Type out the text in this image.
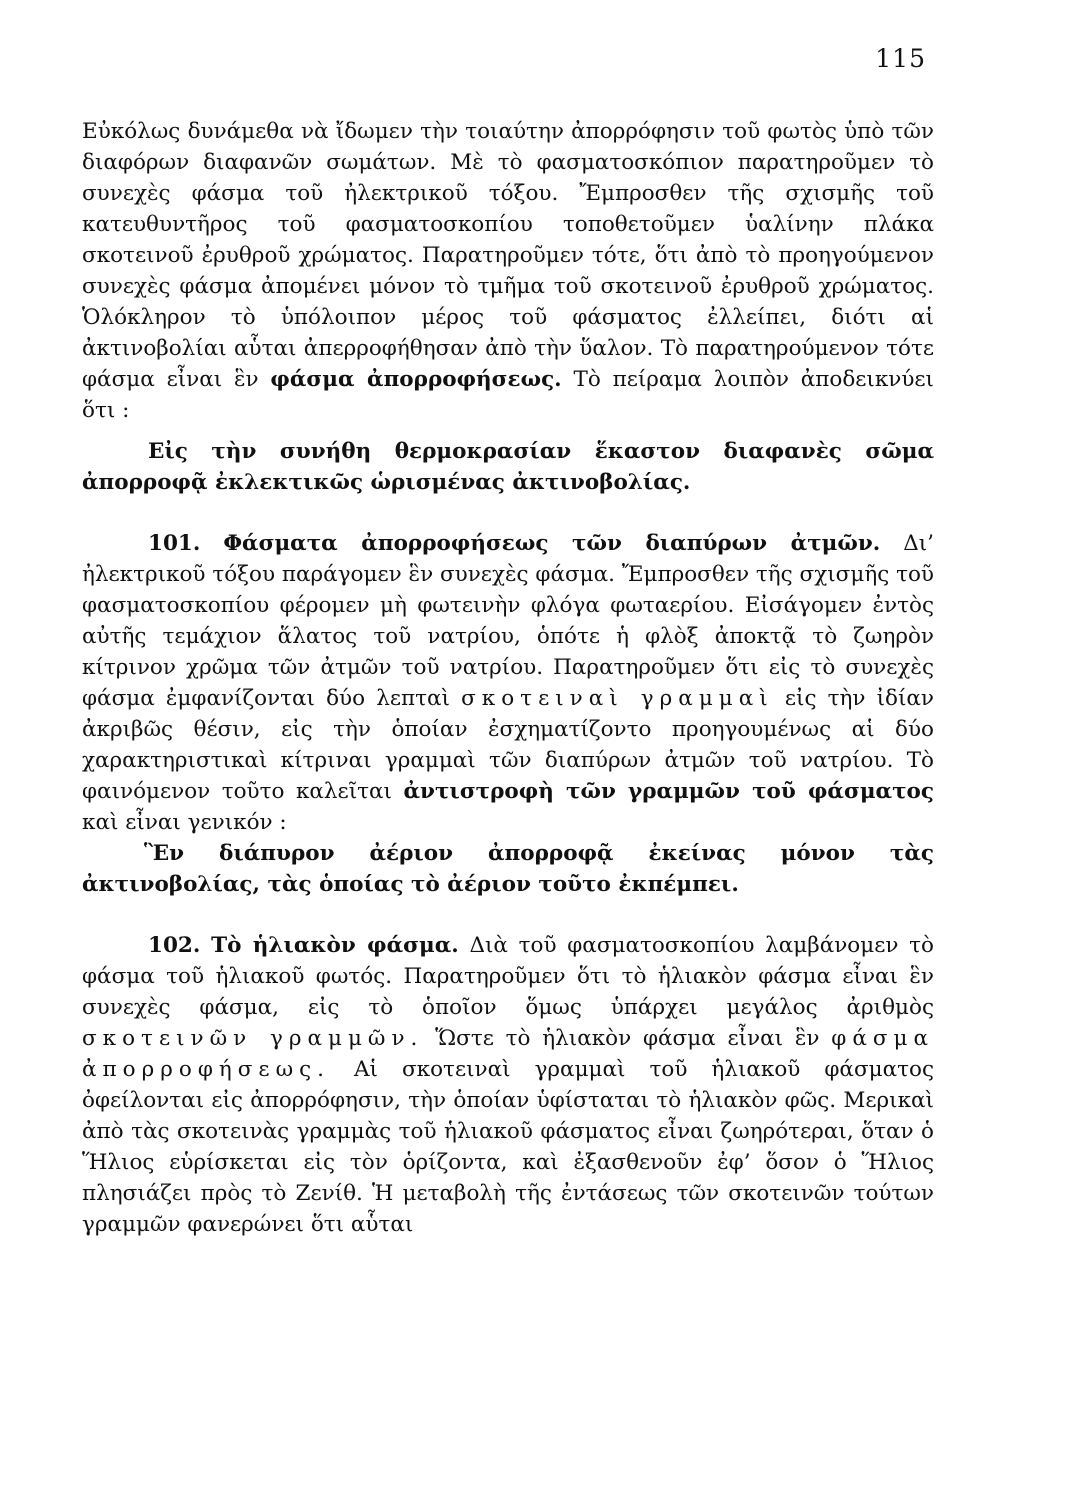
115

Εὐκόλως δυνάμεθα νὰ ἴδωμεν τὴν τοιαύτην ἀπορρόφησιν τοῦ φωτὸς ὑπὸ τῶν διαφόρων διαφανῶν σωμάτων. Μὲ τὸ φασματοσκόπιον παρατηροῦμεν τὸ συνεχὲς φάσμα τοῦ ἠλεκτρικοῦ τόξου. Ἔμπροσθεν τῆς σχισμῆς τοῦ κατευθυντῆρος τοῦ φασματοσκοπίου τοποθετοῦμεν ὑαλίνην πλάκα σκοτεινοῦ ἐρυθροῦ χρώματος. Παρατηροῦμεν τότε, ὅτι ἀπὸ τὸ προηγούμενον συνεχὲς φάσμα ἀπομένει μόνον τὸ τμῆμα τοῦ σκοτεινοῦ ἐρυθροῦ χρώματος. Ὁλόκληρον τὸ ὑπόλοιπον μέρος τοῦ φάσματος ἐλλείπει, διότι αἱ ἀκτινοβολίαι αὗται ἀπερροφήθησαν ἀπὸ τὴν ὕαλον. Τὸ παρατηρούμενον τότε φάσμα εἶναι ἓν φάσμα ἀπορροφήσεως. Τὸ πείραμα λοιπὸν ἀποδεικνύει ὅτι :

Εἰς τὴν συνήθη θερμοκρασίαν ἕκαστον διαφανὲς σῶμα ἀπορροφᾷ ἐκλεκτικῶς ὡρισμένας ἀκτινοβολίας.

101. Φάσματα ἀπορροφήσεως τῶν διαπύρων ἀτμῶν. Δι’ ἠλεκτρικοῦ τόξου παράγομεν ἓν συνεχὲς φάσμα. Ἔμπροσθεν τῆς σχισμῆς τοῦ φασματοσκοπίου φέρομεν μὴ φωτεινὴν φλόγα φωταερίου. Εἰσάγομεν ἐντὸς αὐτῆς τεμάχιον ἅλατος τοῦ νατρίου, ὁπότε ἡ φλὸξ ἀποκτᾷ τὸ ζωηρὸν κίτρινον χρῶμα τῶν ἀτμῶν τοῦ νατρίου. Παρατηροῦμεν ὅτι εἰς τὸ συνεχὲς φάσμα ἐμφανίζονται δύο λεπταὶ σκοτειναὶ γραμμαὶ εἰς τὴν ἰδίαν ἀκριβῶς θέσιν, εἰς τὴν ὁποίαν ἐσχηματίζοντο προηγουμένως αἱ δύο χαρακτηριστικαὶ κίτριναι γραμμαὶ τῶν διαπύρων ἀτμῶν τοῦ νατρίου. Τὸ φαινόμενον τοῦτο καλεῖται ἀντιστροφὴ τῶν γραμμῶν τοῦ φάσματος καὶ εἶναι γενικόν :

Ἓν διάπυρον ἀέριον ἀπορροφᾷ ἐκείνας μόνον τὰς ἀκτινοβολίας, τὰς ὁποίας τὸ ἀέριον τοῦτο ἐκπέμπει.

102. Τὸ ἡλιακὸν φάσμα. Διὰ τοῦ φασματοσκοπίου λαμβάνομεν τὸ φάσμα τοῦ ἡλιακοῦ φωτός. Παρατηροῦμεν ὅτι τὸ ἡλιακὸν φάσμα εἶναι ἓν συνεχὲς φάσμα, εἰς τὸ ὁποῖον ὅμως ὑπάρχει μεγάλος ἀριθμὸς σκοτεινῶν γραμμῶν. Ὥστε τὸ ἡλιακὸν φάσμα εἶναι ἓν φάσμα ἀπορροφήσεως. Αἱ σκοτειναὶ γραμμαὶ τοῦ ἡλιακοῦ φάσματος ὀφείλονται εἰς ἀπορρόφησιν, τὴν ὁποίαν ὑφίσταται τὸ ἡλιακὸν φῶς. Μερικαὶ ἀπὸ τὰς σκοτεινὰς γραμμὰς τοῦ ἡλιακοῦ φάσματος εἶναι ζωηρότεραι, ὅταν ὁ Ἥλιος εὑρίσκεται εἰς τὸν ὁρίζοντα, καὶ ἐξασθενοῦν ἐφ’ ὅσον ὁ Ἥλιος πλησιάζει πρὸς τὸ Ζενίθ. Ἡ μεταβολὴ τῆς ἐντάσεως τῶν σκοτεινῶν τούτων γραμμῶν φανερώνει ὅτι αὗται
